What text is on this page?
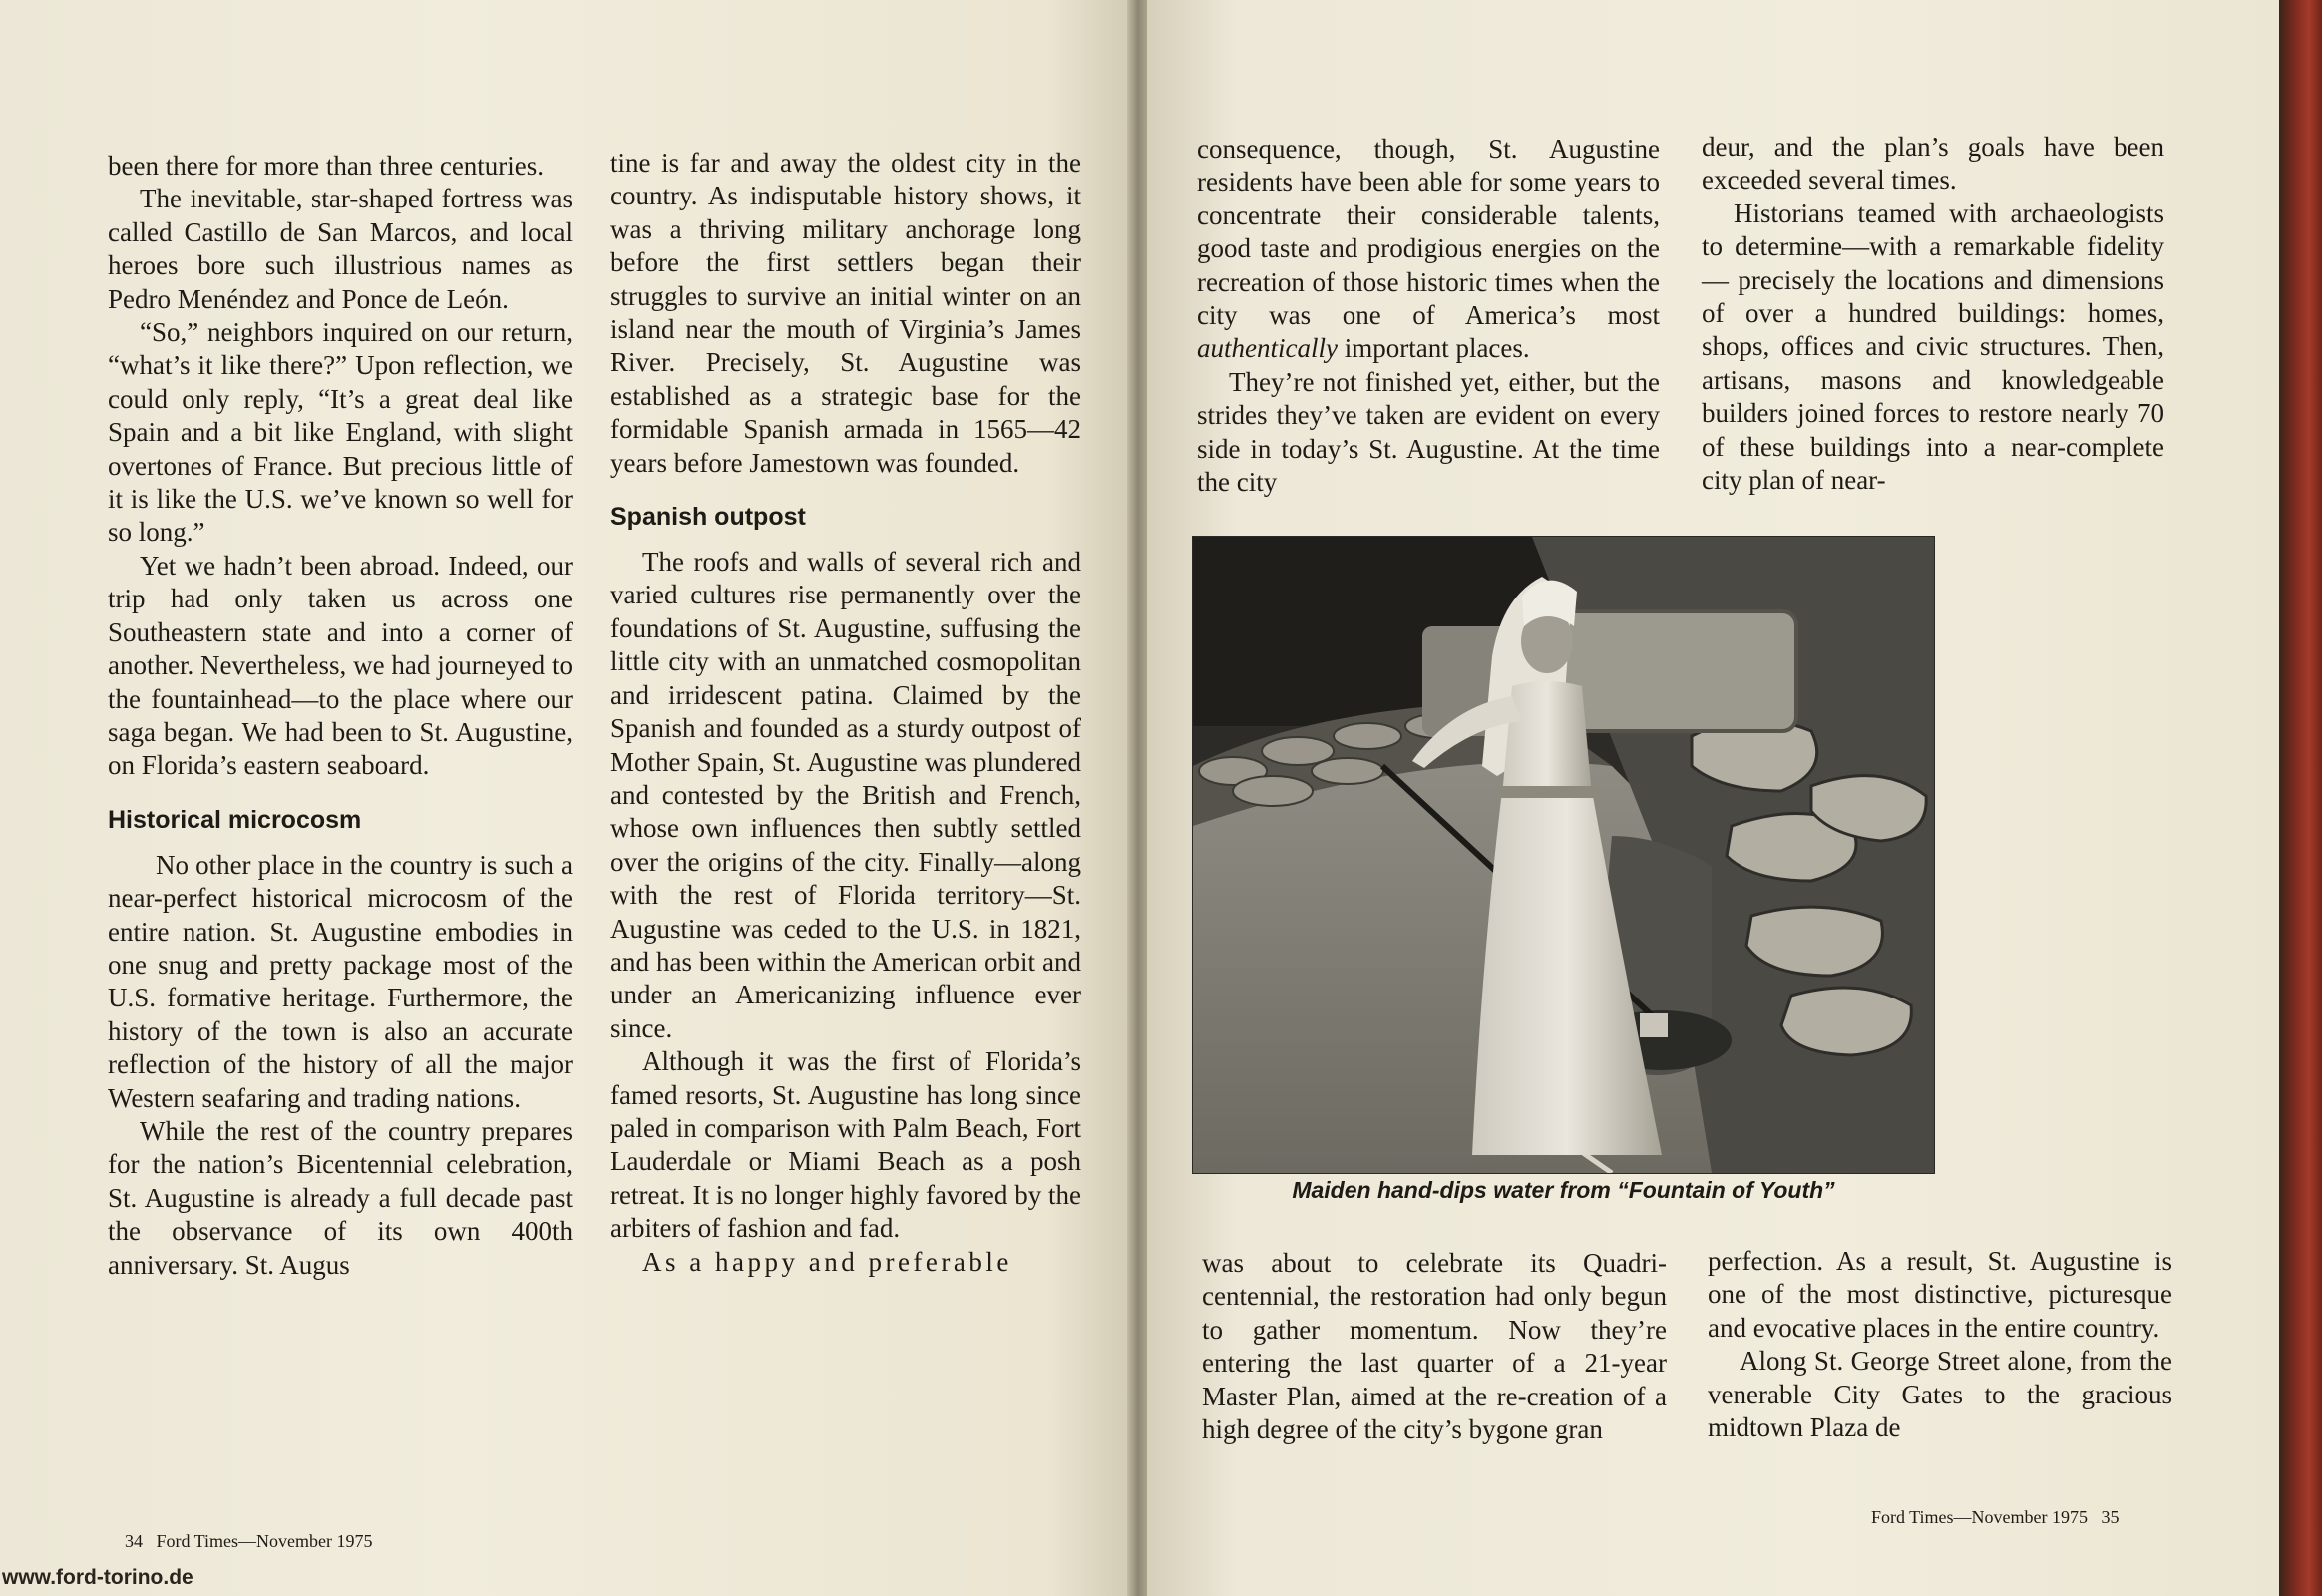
been there for more than three centuries.

The inevitable, star-shaped fortress was called Castillo de San Marcos, and local heroes bore such illustrious names as Pedro Menéndez and Ponce de León.

“So,” neighbors inquired on our return, “what’s it like there?” Upon reflection, we could only reply, “It’s a great deal like Spain and a bit like England, with slight overtones of France. But precious little of it is like the U.S. we’ve known so well for so long.”

Yet we hadn’t been abroad. Indeed, our trip had only taken us across one Southeastern state and into a corner of another. Nevertheless, we had journeyed to the fountainhead—to the place where our saga began. We had been to St. Augustine, on Florida’s eastern seaboard.

Historical microcosm

No other place in the country is such a near-perfect historical microcosm of the entire nation. St. Augustine embodies in one snug and pretty package most of the U.S. formative heritage. Furthermore, the history of the town is also an accurate reflection of the history of all the major Western seafaring and trading nations.

While the rest of the country prepares for the nation’s Bicentennial celebration, St. Augustine is already a full decade past the observance of its own 400th anniversary. St. Augus

tine is far and away the oldest city in the country. As indisputable history shows, it was a thriving military anchorage long before the first settlers began their struggles to survive an initial winter on an island near the mouth of Virginia’s James River. Precisely, St. Augustine was established as a strategic base for the formidable Spanish armada in 1565—42 years before Jamestown was founded.

Spanish outpost

The roofs and walls of several rich and varied cultures rise permanently over the foundations of St. Augustine, suffusing the little city with an unmatched cosmopolitan and irridescent patina. Claimed by the Spanish and founded as a sturdy outpost of Mother Spain, St. Augustine was plundered and contested by the British and French, whose own influences then subtly settled over the origins of the city. Finally—along with the rest of Florida territory—St. Augustine was ceded to the U.S. in 1821, and has been within the American orbit and under an Americanizing influence ever since.

Although it was the first of Florida’s famed resorts, St. Augustine has long since paled in comparison with Palm Beach, Fort Lauderdale or Miami Beach as a posh retreat. It is no longer highly favored by the arbiters of fashion and fad.

As a happy and preferable

34   Ford Times—November 1975

consequence, though, St. Augustine residents have been able for some years to concentrate their considerable talents, good taste and prodigious energies on the recreation of those historic times when the city was one of America’s most authentically important places.

They’re not finished yet, either, but the strides they’ve taken are evident on every side in today’s St. Augustine. At the time the city

deur, and the plan’s goals have been exceeded several times.

Historians teamed with archaeologists to determine—with a remarkable fidelity — precisely the locations and dimensions of over a hundred buildings: homes, shops, offices and civic structures. Then, artisans, masons and knowledgeable builders joined forces to restore nearly 70 of these buildings into a near-complete city plan of near-

Maiden hand-dips water from “Fountain of Youth”

was about to celebrate its Quadricentennial, the restoration had only begun to gather momentum. Now they’re entering the last quarter of a 21-year Master Plan, aimed at the re-creation of a high degree of the city’s bygone gran

perfection. As a result, St. Augustine is one of the most distinctive, picturesque and evocative places in the entire country.

Along St. George Street alone, from the venerable City Gates to the gracious midtown Plaza de

Ford Times—November 1975   35
www.ford-torino.de
